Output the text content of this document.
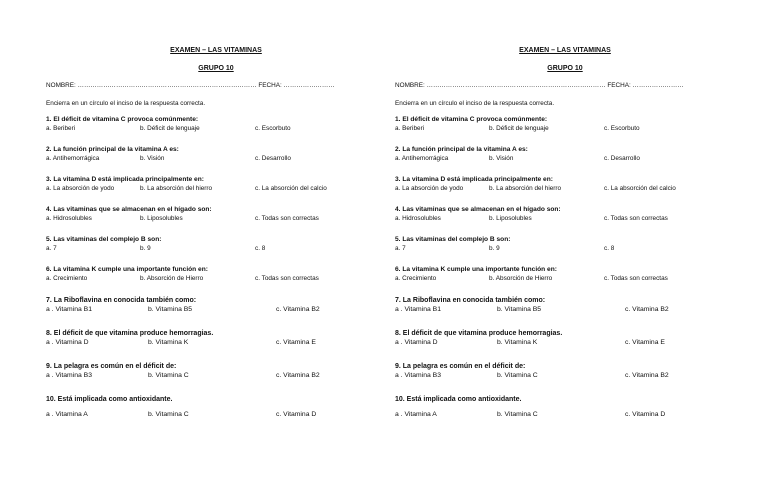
EXAMEN – LAS VITAMINAS
GRUPO 10
NOMBRE: ………………………………………………………………………… FECHA: ……………………
Encierra en un círculo el inciso de la respuesta correcta.
1. El déficit de vitamina C provoca comúnmente:
a. Beriberi	b. Déficit de lenguaje	c. Escorbuto
2. La función principal de la vitamina A es:
a. Antihemorrágica	b. Visión	c. Desarrollo
3. La vitamina D está implicada principalmente en:
a. La absorción de yodo	b. La absorción del hierro	c. La absorción del calcio
4. Las vitaminas que se almacenan en el hígado son:
a. Hidrosolubles	b. Liposolubles	c. Todas son correctas
5. Las vitaminas del complejo B son:
a. 7	b. 9	c. 8
6. La vitamina K cumple una importante función en:
a. Crecimiento	b. Absorción de Hierro	c. Todas son correctas
7. La Riboflavina en conocida también como:
a . Vitamina B1	b. Vitamina B5	c. Vitamina B2
8. El déficit de que vitamina produce hemorragias.
a . Vitamina D	b. Vitamina K	c. Vitamina E
9. La pelagra es común en el déficit de:
a . Vitamina B3	b. Vitamina C	c. Vitamina B2
10. Está implicada como antioxidante.
a . Vitamina A	b. Vitamina C	c. Vitamina D
EXAMEN – LAS VITAMINAS
GRUPO 10
NOMBRE: ………………………………………………………………………… FECHA: ……………………
Encierra en un círculo el inciso de la respuesta correcta.
1. El déficit de vitamina C provoca comúnmente:
a. Beriberi	b. Déficit de lenguaje	c. Escorbuto
2. La función principal de la vitamina A es:
a. Antihemorrágica	b. Visión	c. Desarrollo
3. La vitamina D está implicada principalmente en:
a. La absorción de yodo	b. La absorción del hierro	c. La absorción del calcio
4. Las vitaminas que se almacenan en el hígado son:
a. Hidrosolubles	b. Liposolubles	c. Todas son correctas
5. Las vitaminas del complejo B son:
a. 7	b. 9	c. 8
6. La vitamina K cumple una importante función en:
a. Crecimiento	b. Absorción de Hierro	c. Todas son correctas
7. La Riboflavina en conocida también como:
a . Vitamina B1	b. Vitamina B5	c. Vitamina B2
8. El déficit de que vitamina produce hemorragias.
a . Vitamina D	b. Vitamina K	c. Vitamina E
9. La pelagra es común en el déficit de:
a . Vitamina B3	b. Vitamina C	c. Vitamina B2
10. Está implicada como antioxidante.
a . Vitamina A	b. Vitamina C	c. Vitamina D
